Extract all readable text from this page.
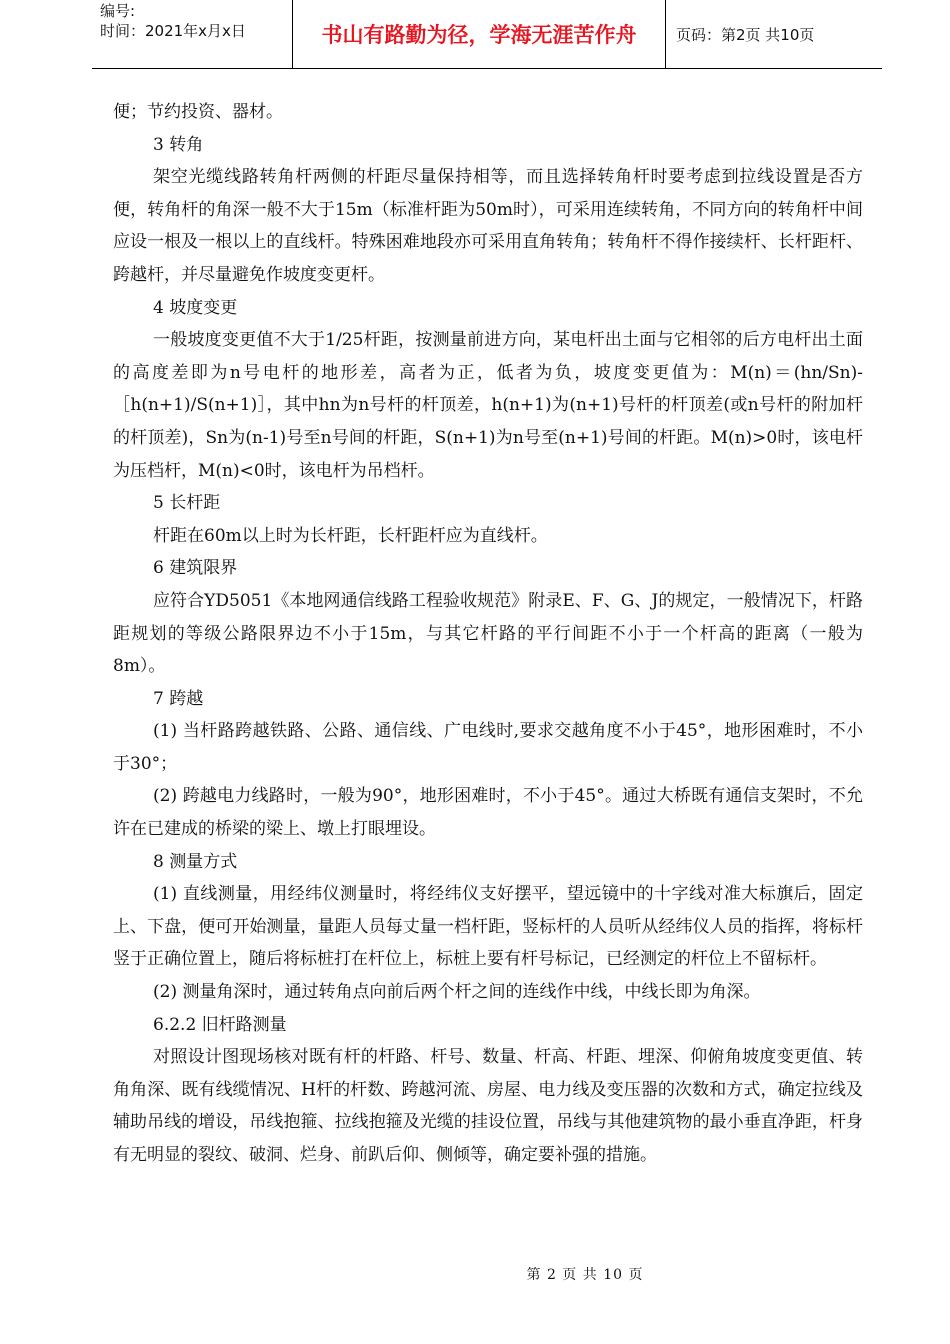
编号:
时间：2021年x月x日	书山有路勤为径，学海无涯苦作舟	页码：第2页 共10页

便；节约投资、器材。

3 转角

架空光缆线路转角杆两侧的杆距尽量保持相等，而且选择转角杆时要考虑到拉线设置是否方便，转角杆的角深一般不大于15m（标准杆距为50m时），可采用连续转角，不同方向的转角杆中间应设一根及一根以上的直线杆。特殊困难地段亦可采用直角转角；转角杆不得作接续杆、长杆距杆、跨越杆，并尽量避免作坡度变更杆。

4 坡度变更

一般坡度变更值不大于1/25杆距，按测量前进方向，某电杆出土面与它相邻的后方电杆出土面的高度差即为n号电杆的地形差，高者为正，低者为负，坡度变更值为：M(n)＝(hn/Sn)-［h(n+1)/S(n+1)］，其中hn为n号杆的杆顶差，h(n+1)为(n+1)号杆的杆顶差(或n号杆的附加杆的杆顶差)，Sn为(n-1)号至n号间的杆距，S(n+1)为n号至(n+1)号间的杆距。M(n)>0时，该电杆为压档杆，M(n)<0时，该电杆为吊档杆。

5 长杆距

杆距在60m以上时为长杆距，长杆距杆应为直线杆。

6 建筑限界

应符合YD5051《本地网通信线路工程验收规范》附录E、F、G、J的规定，一般情况下，杆路距规划的等级公路限界边不小于15m，与其它杆路的平行间距不小于一个杆高的距离（一般为8m）。

7 跨越

(1) 当杆路跨越铁路、公路、通信线、广电线时,要求交越角度不小于45°，地形困难时，不小于30°；

(2) 跨越电力线路时，一般为90°，地形困难时，不小于45°。通过大桥既有通信支架时，不允许在已建成的桥梁的梁上、墩上打眼埋设。

8 测量方式

(1) 直线测量，用经纬仪测量时，将经纬仪支好摆平，望远镜中的十字线对准大标旗后，固定上、下盘，便可开始测量，量距人员每丈量一档杆距，竖标杆的人员听从经纬仪人员的指挥，将标杆竖于正确位置上，随后将标桩打在杆位上，标桩上要有杆号标记，已经测定的杆位上不留标杆。

(2) 测量角深时，通过转角点向前后两个杆之间的连线作中线，中线长即为角深。

6.2.2 旧杆路测量

对照设计图现场核对既有杆的杆路、杆号、数量、杆高、杆距、埋深、仰俯角坡度变更值、转角角深、既有线缆情况、H杆的杆数、跨越河流、房屋、电力线及变压器的次数和方式，确定拉线及辅助吊线的增设，吊线抱箍、拉线抱箍及光缆的挂设位置，吊线与其他建筑物的最小垂直净距，杆身有无明显的裂纹、破洞、烂身、前趴后仰、侧倾等，确定要补强的措施。

第 2 页 共 10 页
